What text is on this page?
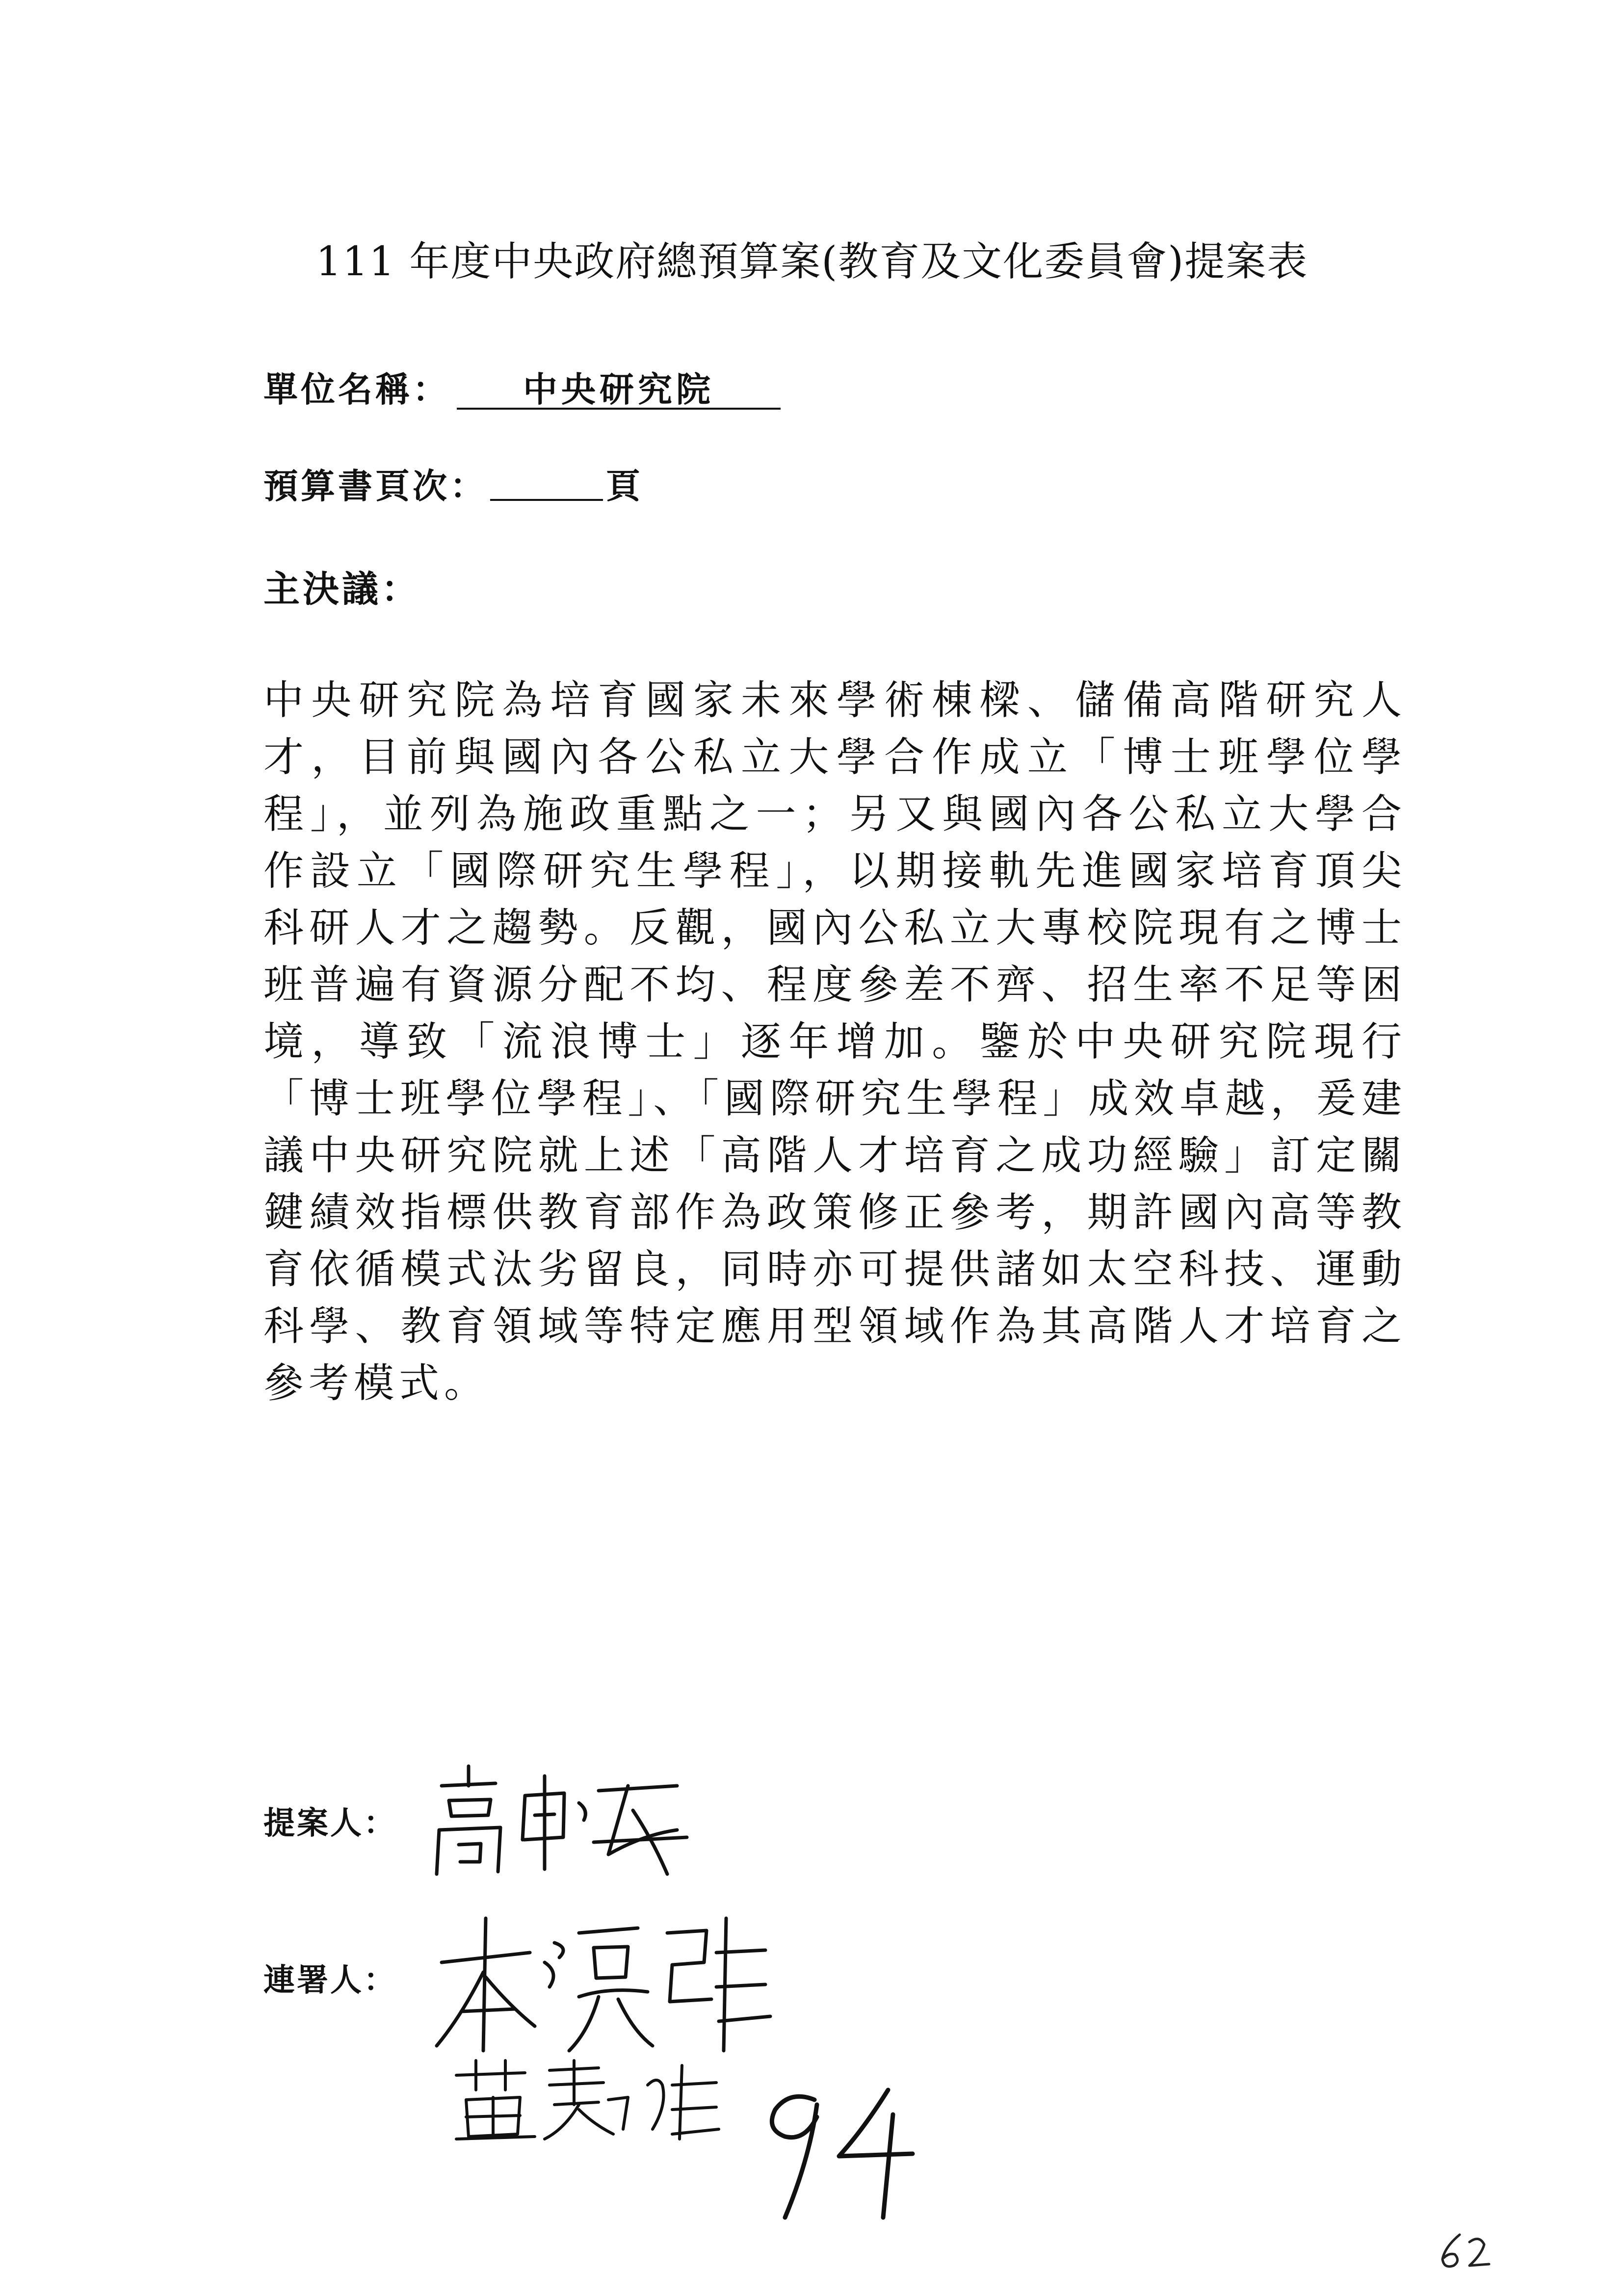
111 年度中央政府總預算案(教育及文化委員會)提案表
單位名稱： 中央研究院
預算書頁次：	頁
主決議：
中央研究院為培育國家未來學術棟樑、儲備高階研究人才，目前與國內各公私立大學合作成立「博士班學位學程」，並列為施政重點之一；另又與國內各公私立大學合作設立「國際研究生學程」，以期接軌先進國家培育頂尖科研人才之趨勢。反觀，國內公私立大專校院現有之博士班普遍有資源分配不均、程度參差不齊、招生率不足等困境，導致「流浪博士」逐年增加。鑒於中央研究院現行「博士班學位學程」、「國際研究生學程」成效卓越，爰建議中央研究院就上述「高階人才培育之成功經驗」訂定關鍵績效指標供教育部作為政策修正參考，期許國內高等教育依循模式汰劣留良，同時亦可提供諸如太空科技、運動科學、教育領域等特定應用型領域作為其高階人才培育之參考模式。
提案人：
連署人：
